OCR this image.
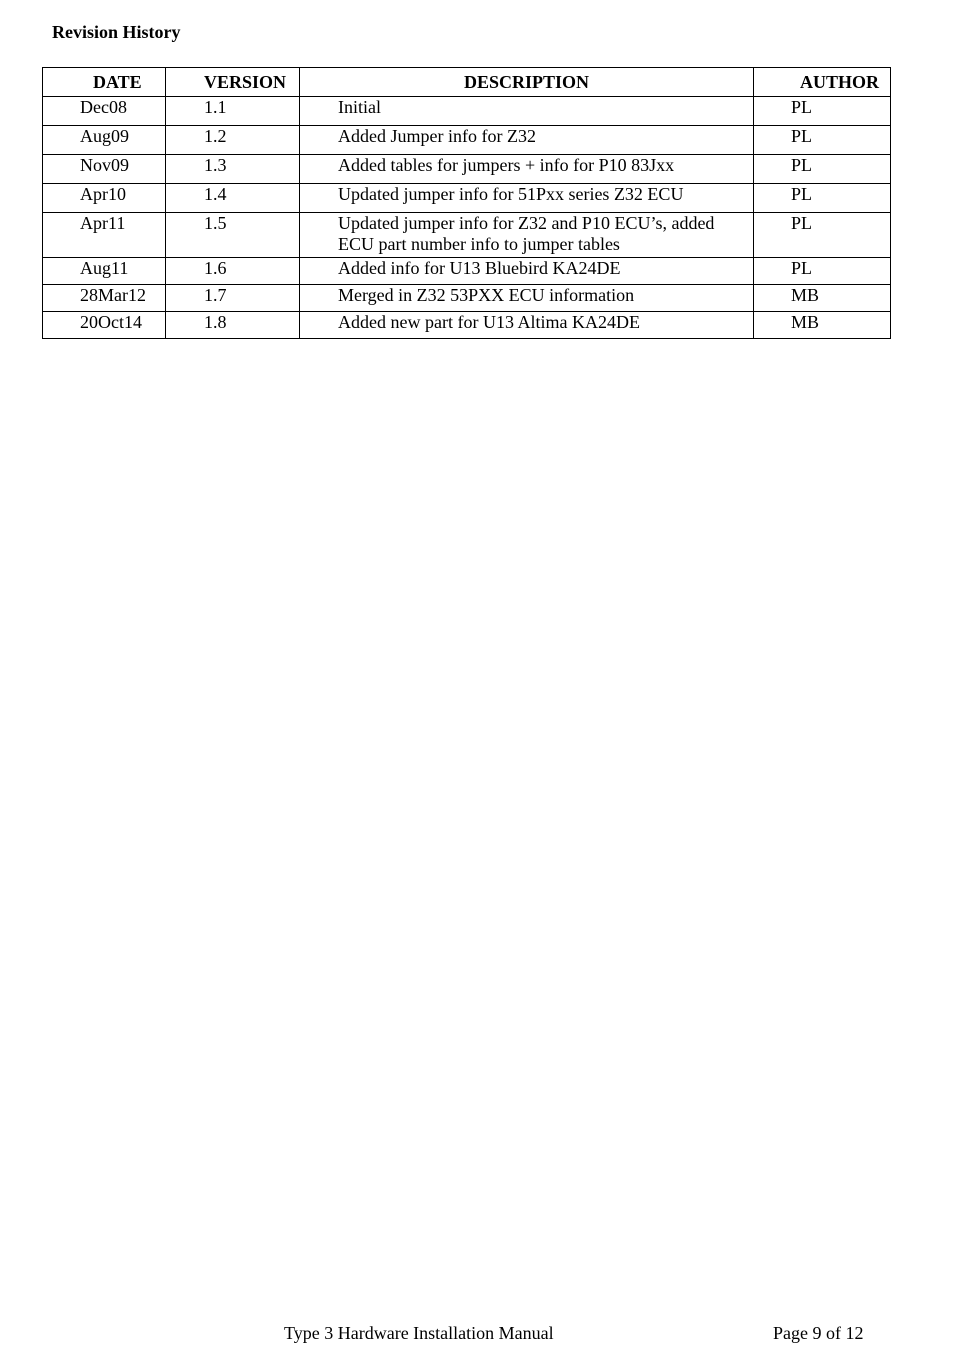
Revision History
DATE	VERSION	DESCRIPTION	AUTHOR
Dec08	1.1	Initial	PL
Aug09	1.2	Added Jumper info for Z32	PL
Nov09	1.3	Added tables for jumpers + info for P10 83Jxx	PL
Apr10	1.4	Updated jumper info for 51Pxx series Z32 ECU	PL
Apr11	1.5	Updated jumper info for Z32 and P10 ECU’s, added ECU part number info to jumper tables	PL
Aug11	1.6	Added info for U13 Bluebird KA24DE	PL
28Mar12	1.7	Merged in Z32 53PXX ECU information	MB
20Oct14	1.8	Added new part for U13 Altima KA24DE	MB
Type 3 Hardware Installation Manual	Page 9 of 12
